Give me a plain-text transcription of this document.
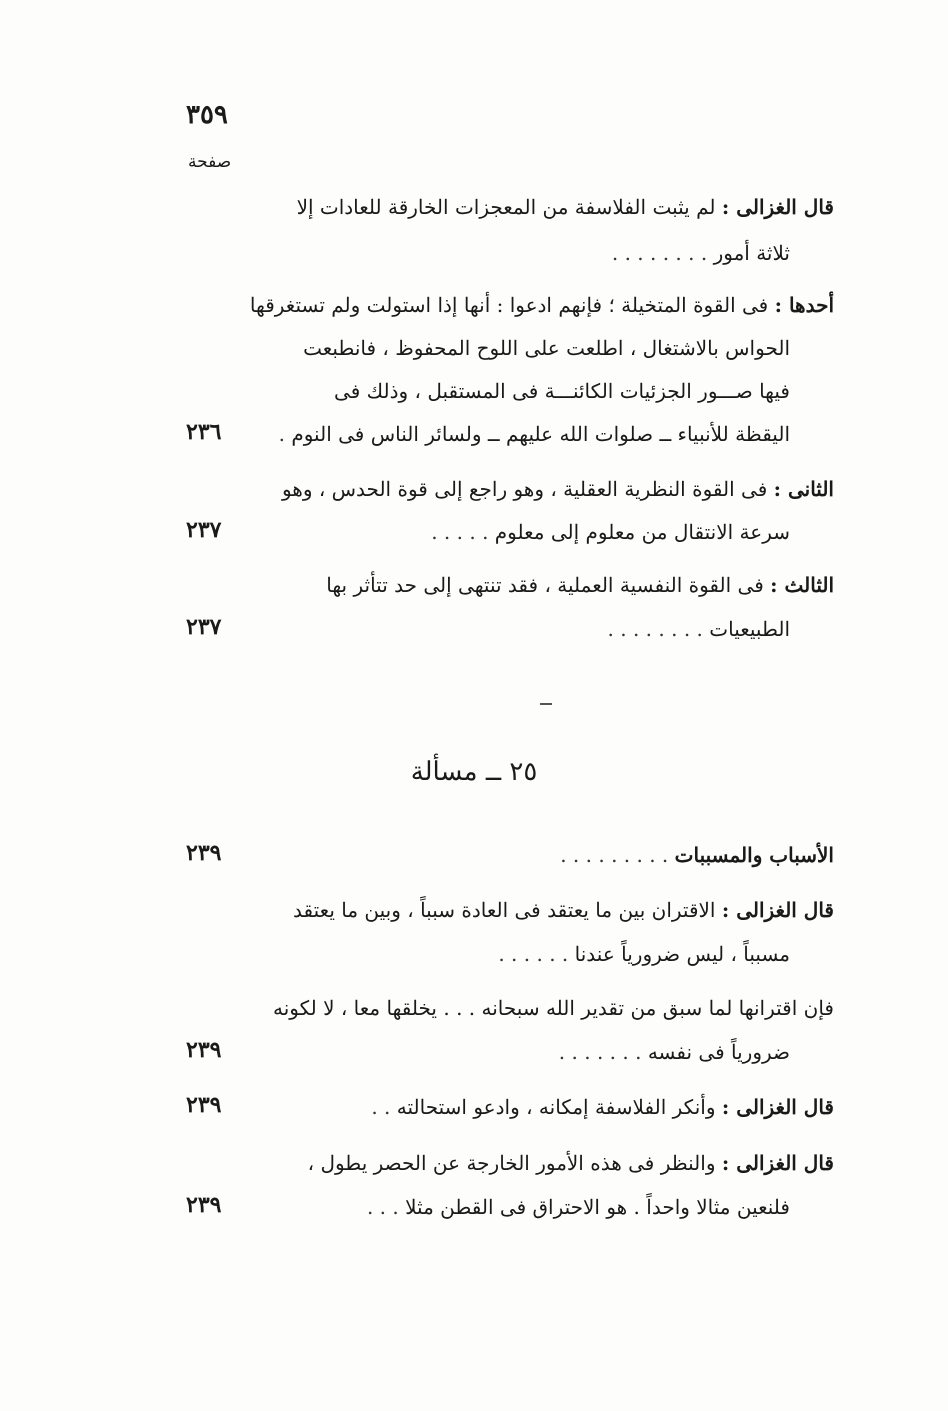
٣٥٩
صفحة
قال الغزالى : لم يثبت الفلاسفة من المعجزات الخارقة للعادات إلا
ثلاثة أمور . . . . . . . .
أحدها : فى القوة المتخيلة ؛ فإنهم ادعوا : أنها إذا استولت ولم تستغرقها
الحواس بالاشتغال ، اطلعت على اللوح المحفوظ ، فانطبعت
فيها صـــور الجزئيات الكائنـــة فى المستقبل ، وذلك فى
اليقظة للأنبياء ــ صلوات الله عليهم ــ ولسائر الناس فى النوم .
٢٣٦
الثانى : فى القوة النظرية العقلية ، وهو راجع إلى قوة الحدس ، وهو
سرعة الانتقال من معلوم إلى معلوم . . . . .
٢٣٧
الثالث : فى القوة النفسية العملية ، فقد تنتهى إلى حد تتأثر بها
الطبيعيات . . . . . . . .
٢٣٧
٢٥ ــ مسألة
الأسباب والمسببات . . . . . . . . .
٢٣٩
قال الغزالى : الاقتران بين ما يعتقد فى العادة سبباً ، وبين ما يعتقد
مسبباً ، ليس ضرورياً عندنا . . . . . .
فإن اقترانها لما سبق من تقدير الله سبحانه . . . يخلقها معا ، لا لكونه
ضرورياً فى نفسه . . . . . . .
٢٣٩
قال الغزالى : وأنكر الفلاسفة إمكانه ، وادعو استحالته . .
٢٣٩
قال الغزالى : والنظر فى هذه الأمور الخارجة عن الحصر يطول ،
فلنعين مثالا واحداً . هو الاحتراق فى القطن مثلا . . .
٢٣٩
